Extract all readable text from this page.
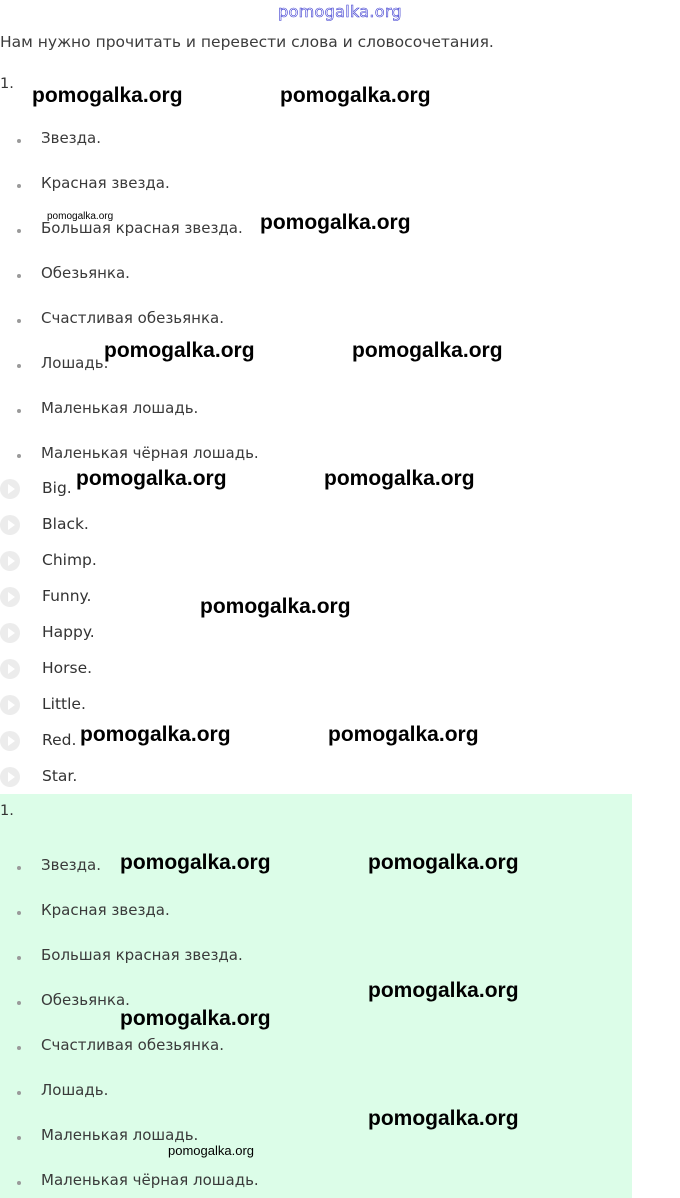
pomogalka.org
Нам нужно прочитать и перевести слова и словосочетания.
1.
Звезда.
Красная звезда.
Большая красная звезда.
Обезьянка.
Счастливая обезьянка.
Лошадь.
Маленькая лошадь.
Маленькая чёрная лошадь.
Big.
Black.
Chimp.
Funny.
Happy.
Horse.
Little.
Red.
Star.
1.
Звезда.
Красная звезда.
Большая красная звезда.
Обезьянка.
Счастливая обезьянка.
Лошадь.
Маленькая лошадь.
Маленькая чёрная лошадь.
pomogalka.org	pomogalka.org
pomogalka.org	pomogalka.org
pomogalka.org	pomogalka.org
pomogalka.org	pomogalka.org
pomogalka.org
pomogalka.org	pomogalka.org
pomogalka.org	pomogalka.org
pomogalka.org
pomogalka.org
pomogalka.org
pomogalka.org
